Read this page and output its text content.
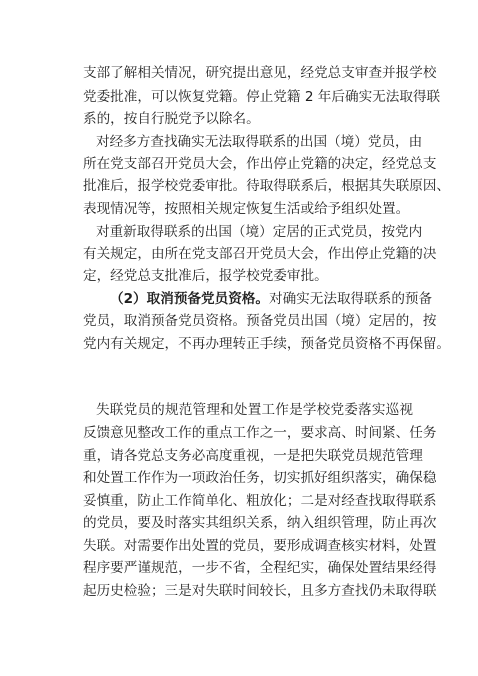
支部了解相关情况，研究提出意见，经党总支审查并报学校
党委批准，可以恢复党籍。停止党籍 2 年后确实无法取得联
系的，按自行脱党予以除名。
对经多方查找确实无法取得联系的出国（境）党员，由
所在党支部召开党员大会，作出停止党籍的决定，经党总支
批准后，报学校党委审批。待取得联系后，根据其失联原因、
表现情况等，按照相关规定恢复生活或给予组织处置。
对重新取得联系的出国（境）定居的正式党员，按党内
有关规定，由所在党支部召开党员大会，作出停止党籍的决
定，经党总支批准后，报学校党委审批。
（2）取消预备党员资格。对确实无法取得联系的预备
党员，取消预备党员资格。预备党员出国（境）定居的，按
党内有关规定，不再办理转正手续，预备党员资格不再保留。
失联党员的规范管理和处置工作是学校党委落实巡视
反馈意见整改工作的重点工作之一，要求高、时间紧、任务
重，请各党总支务必高度重视，一是把失联党员规范管理
和处置工作作为一项政治任务，切实抓好组织落实，确保稳
妥慎重，防止工作简单化、粗放化；二是对经查找取得联系
的党员，要及时落实其组织关系，纳入组织管理，防止再次
失联。对需要作出处置的党员，要形成调查核实材料，处置
程序要严谨规范，一步不省，全程纪实，确保处置结果经得
起历史检验；三是对失联时间较长，且多方查找仍未取得联
